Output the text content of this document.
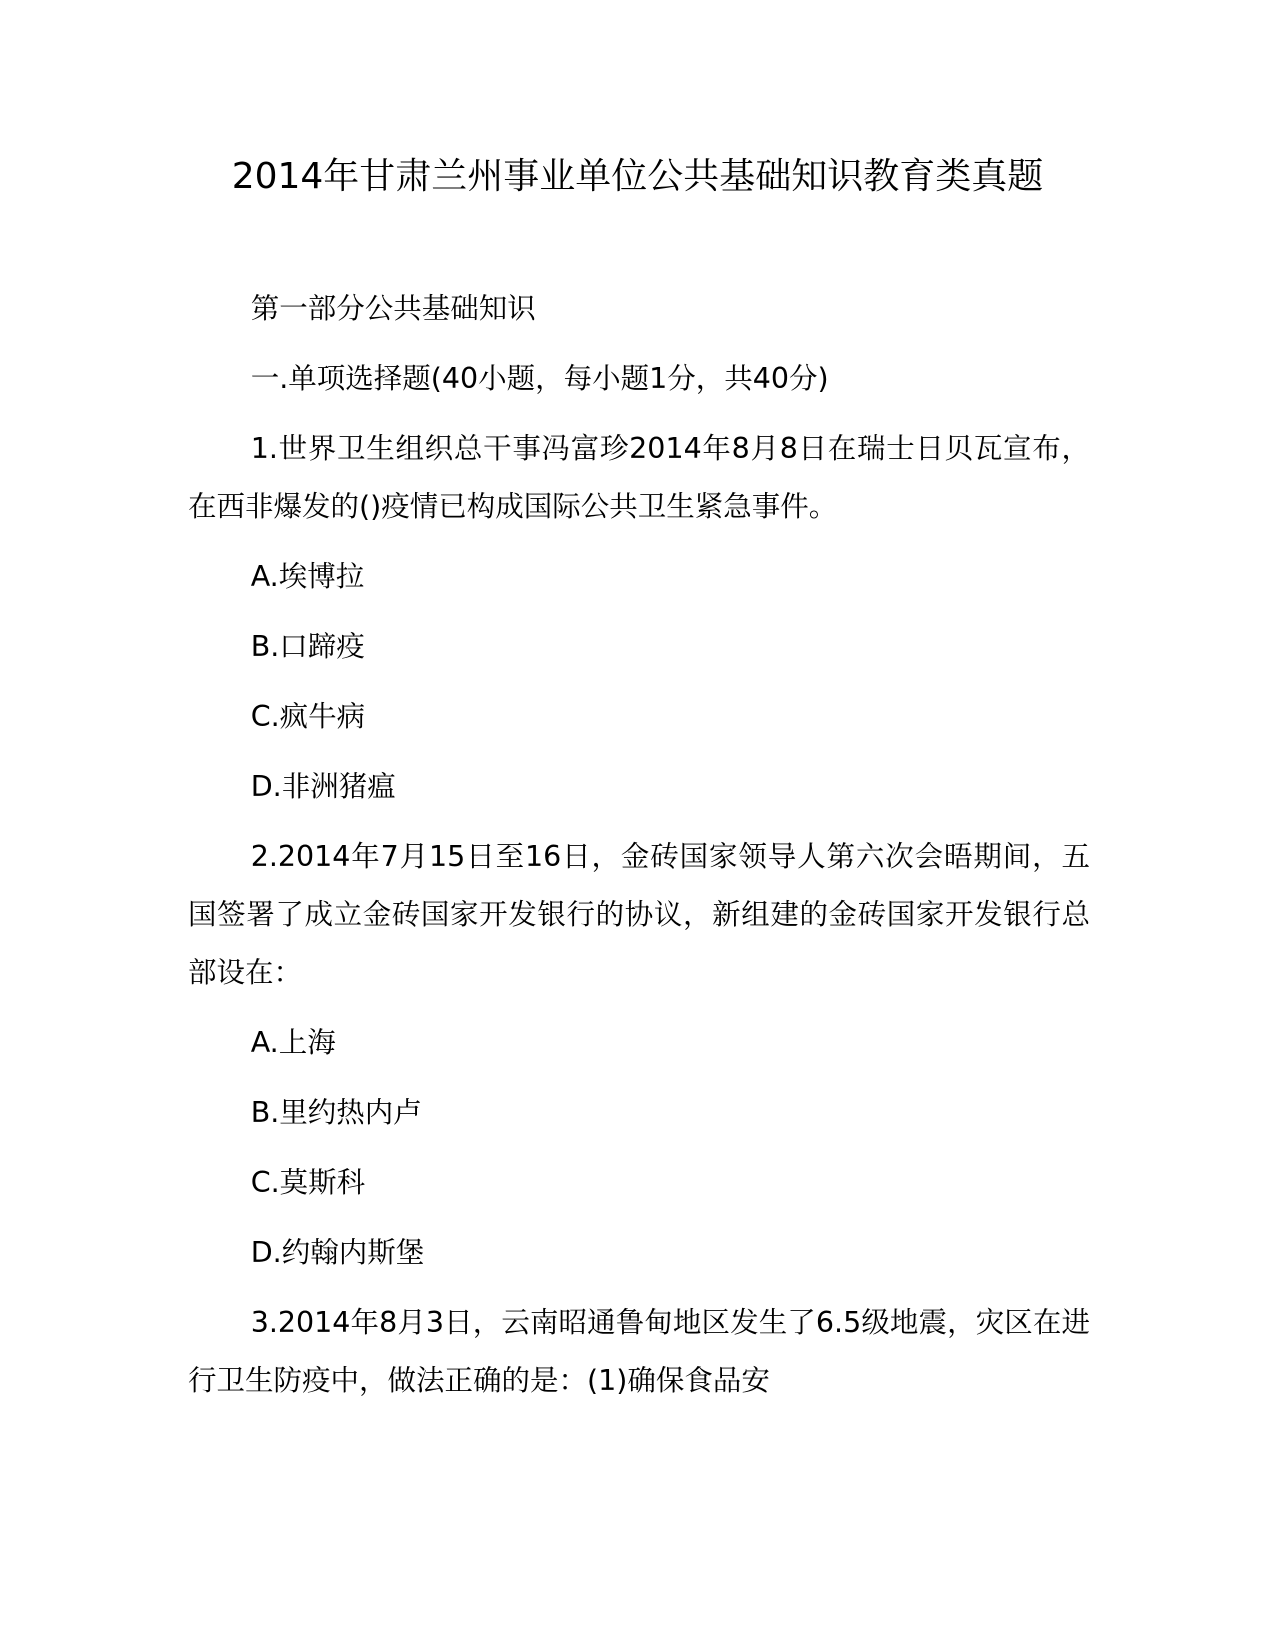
2014年甘肃兰州事业单位公共基础知识教育类真题

第一部分公共基础知识

一.单项选择题(40小题，每小题1分，共40分)

1.世界卫生组织总干事冯富珍2014年8月8日在瑞士日贝瓦宣布，在西非爆发的()疫情已构成国际公共卫生紧急事件。

A.埃博拉

B.口蹄疫

C.疯牛病

D.非洲猪瘟

2.2014年7月15日至16日，金砖国家领导人第六次会晤期间，五国签署了成立金砖国家开发银行的协议，新组建的金砖国家开发银行总部设在：

A.上海

B.里约热内卢

C.莫斯科

D.约翰内斯堡

3.2014年8月3日，云南昭通鲁甸地区发生了6.5级地震，灾区在进行卫生防疫中，做法正确的是：(1)确保食品安
